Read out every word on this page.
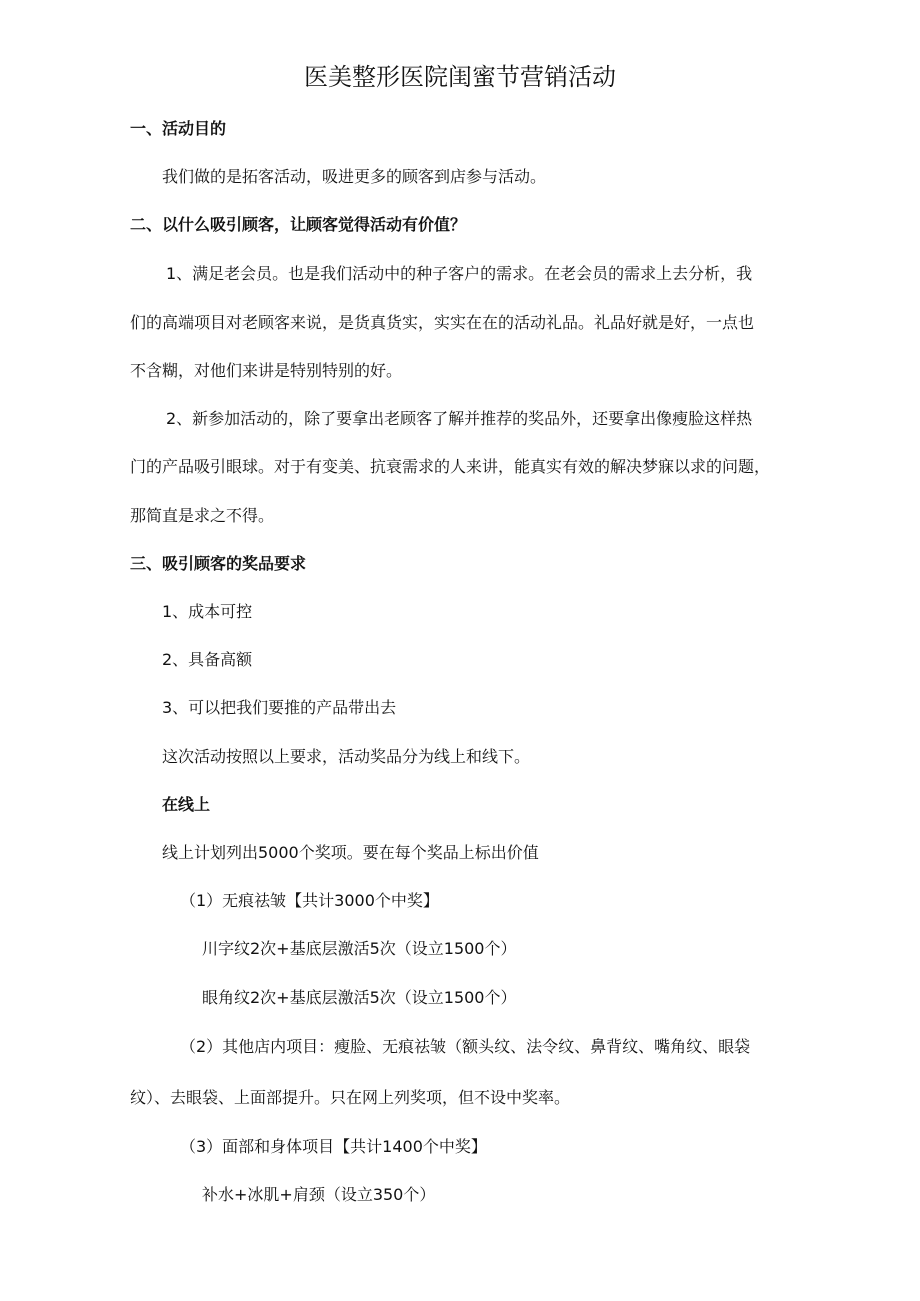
医美整形医院闺蜜节营销活动
一、活动目的
我们做的是拓客活动，吸进更多的顾客到店参与活动。
二、以什么吸引顾客，让顾客觉得活动有价值？
1、满足老会员。也是我们活动中的种子客户的需求。在老会员的需求上去分析，我
们的高端项目对老顾客来说，是货真货实，实实在在的活动礼品。礼品好就是好，一点也
不含糊，对他们来讲是特别特别的好。
2、新参加活动的，除了要拿出老顾客了解并推荐的奖品外，还要拿出像瘦脸这样热
门的产品吸引眼球。对于有变美、抗衰需求的人来讲，能真实有效的解决梦寐以求的问题，
那简直是求之不得。
三、吸引顾客的奖品要求
1、成本可控
2、具备高额
3、可以把我们要推的产品带出去
这次活动按照以上要求，活动奖品分为线上和线下。
在线上
线上计划列出5000个奖项。要在每个奖品上标出价值
（1）无痕祛皱【共计3000个中奖】
川字纹2次+基底层激活5次（设立1500个）
眼角纹2次+基底层激活5次（设立1500个）
（2）其他店内项目：瘦脸、无痕祛皱（额头纹、法令纹、鼻背纹、嘴角纹、眼袋
纹）、去眼袋、上面部提升。只在网上列奖项，但不设中奖率。
（3）面部和身体项目【共计1400个中奖】
补水+冰肌+肩颈（设立350个）
